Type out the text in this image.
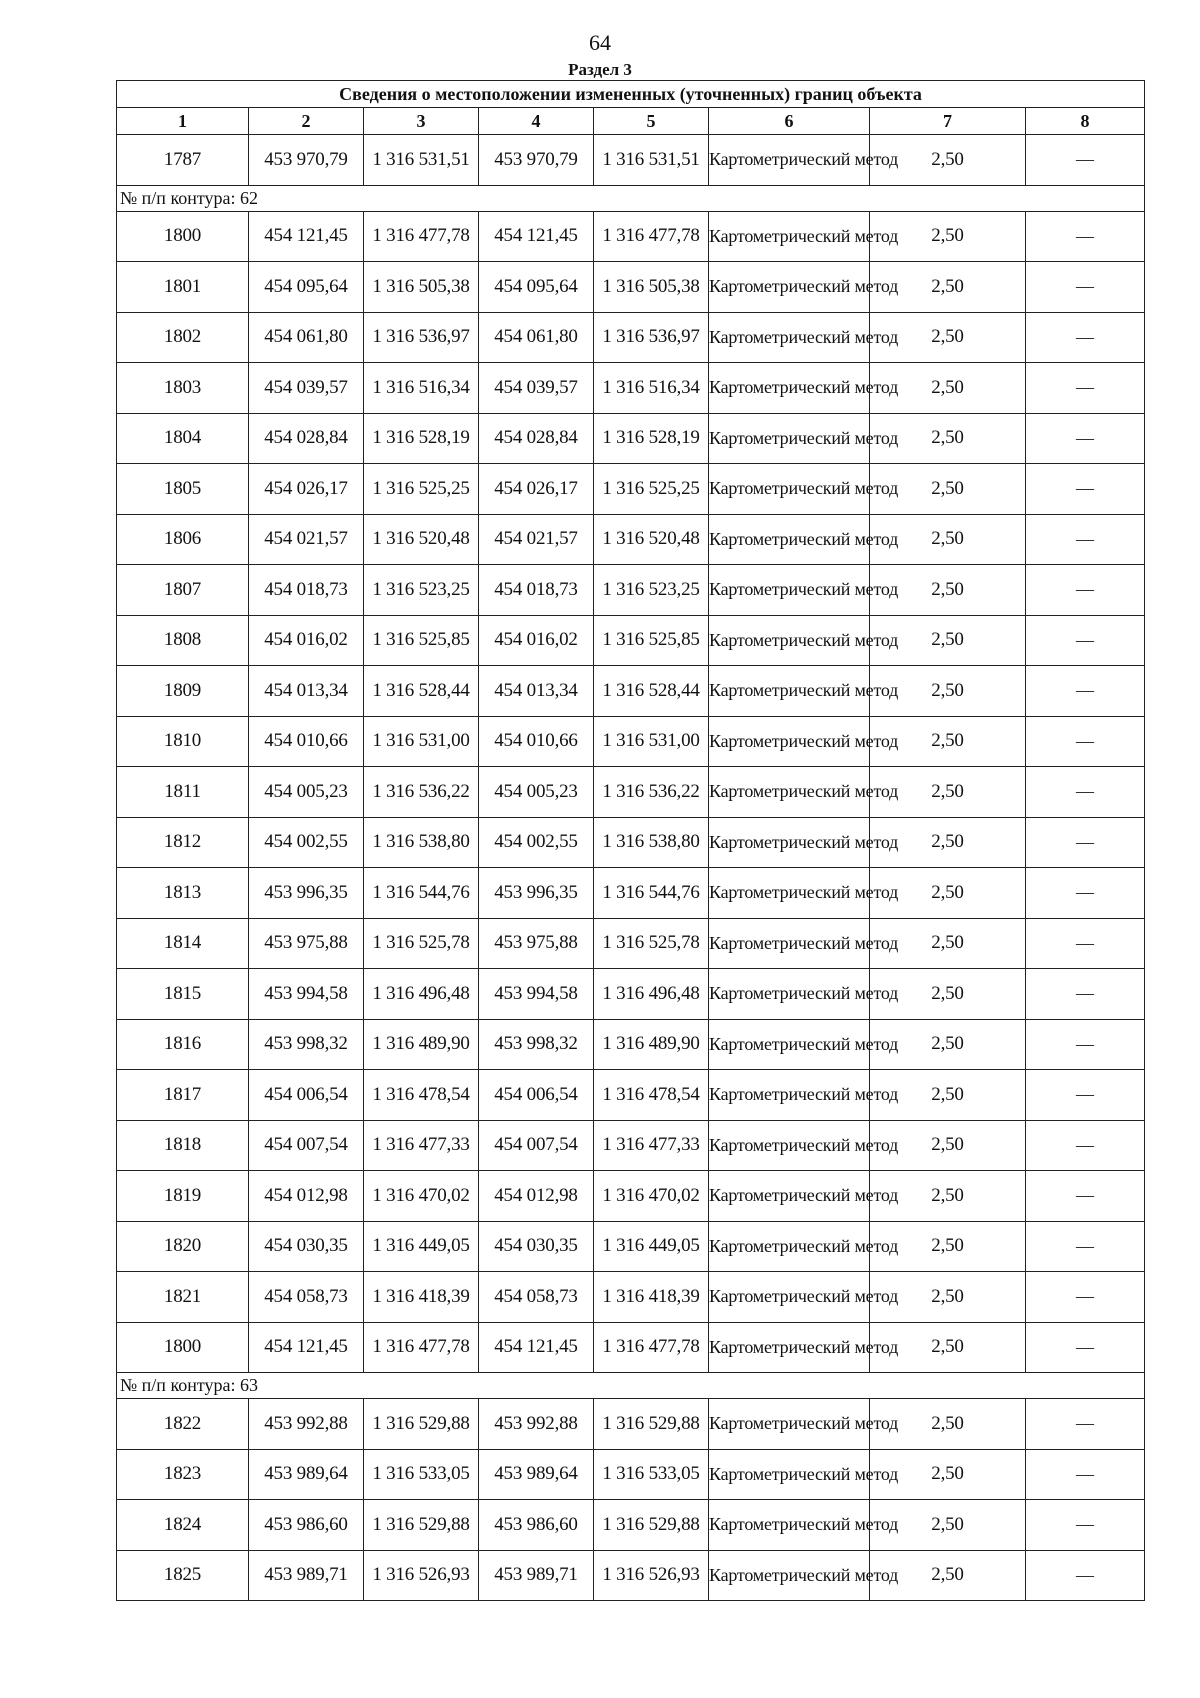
64
Раздел 3
Сведения о местоположении измененных (уточненных) границ объекта							
1	2	3	4	5	6	7	8
1787	453 970,79	1 316 531,51	453 970,79	1 316 531,51	Картометрический метод	2,50	—
№ п/п контура: 62							
1800	454 121,45	1 316 477,78	454 121,45	1 316 477,78	Картометрический метод	2,50	—
1801	454 095,64	1 316 505,38	454 095,64	1 316 505,38	Картометрический метод	2,50	—
1802	454 061,80	1 316 536,97	454 061,80	1 316 536,97	Картометрический метод	2,50	—
1803	454 039,57	1 316 516,34	454 039,57	1 316 516,34	Картометрический метод	2,50	—
1804	454 028,84	1 316 528,19	454 028,84	1 316 528,19	Картометрический метод	2,50	—
1805	454 026,17	1 316 525,25	454 026,17	1 316 525,25	Картометрический метод	2,50	—
1806	454 021,57	1 316 520,48	454 021,57	1 316 520,48	Картометрический метод	2,50	—
1807	454 018,73	1 316 523,25	454 018,73	1 316 523,25	Картометрический метод	2,50	—
1808	454 016,02	1 316 525,85	454 016,02	1 316 525,85	Картометрический метод	2,50	—
1809	454 013,34	1 316 528,44	454 013,34	1 316 528,44	Картометрический метод	2,50	—
1810	454 010,66	1 316 531,00	454 010,66	1 316 531,00	Картометрический метод	2,50	—
1811	454 005,23	1 316 536,22	454 005,23	1 316 536,22	Картометрический метод	2,50	—
1812	454 002,55	1 316 538,80	454 002,55	1 316 538,80	Картометрический метод	2,50	—
1813	453 996,35	1 316 544,76	453 996,35	1 316 544,76	Картометрический метод	2,50	—
1814	453 975,88	1 316 525,78	453 975,88	1 316 525,78	Картометрический метод	2,50	—
1815	453 994,58	1 316 496,48	453 994,58	1 316 496,48	Картометрический метод	2,50	—
1816	453 998,32	1 316 489,90	453 998,32	1 316 489,90	Картометрический метод	2,50	—
1817	454 006,54	1 316 478,54	454 006,54	1 316 478,54	Картометрический метод	2,50	—
1818	454 007,54	1 316 477,33	454 007,54	1 316 477,33	Картометрический метод	2,50	—
1819	454 012,98	1 316 470,02	454 012,98	1 316 470,02	Картометрический метод	2,50	—
1820	454 030,35	1 316 449,05	454 030,35	1 316 449,05	Картометрический метод	2,50	—
1821	454 058,73	1 316 418,39	454 058,73	1 316 418,39	Картометрический метод	2,50	—
1800	454 121,45	1 316 477,78	454 121,45	1 316 477,78	Картометрический метод	2,50	—
№ п/п контура: 63							
1822	453 992,88	1 316 529,88	453 992,88	1 316 529,88	Картометрический метод	2,50	—
1823	453 989,64	1 316 533,05	453 989,64	1 316 533,05	Картометрический метод	2,50	—
1824	453 986,60	1 316 529,88	453 986,60	1 316 529,88	Картометрический метод	2,50	—
1825	453 989,71	1 316 526,93	453 989,71	1 316 526,93	Картометрический метод	2,50	—
